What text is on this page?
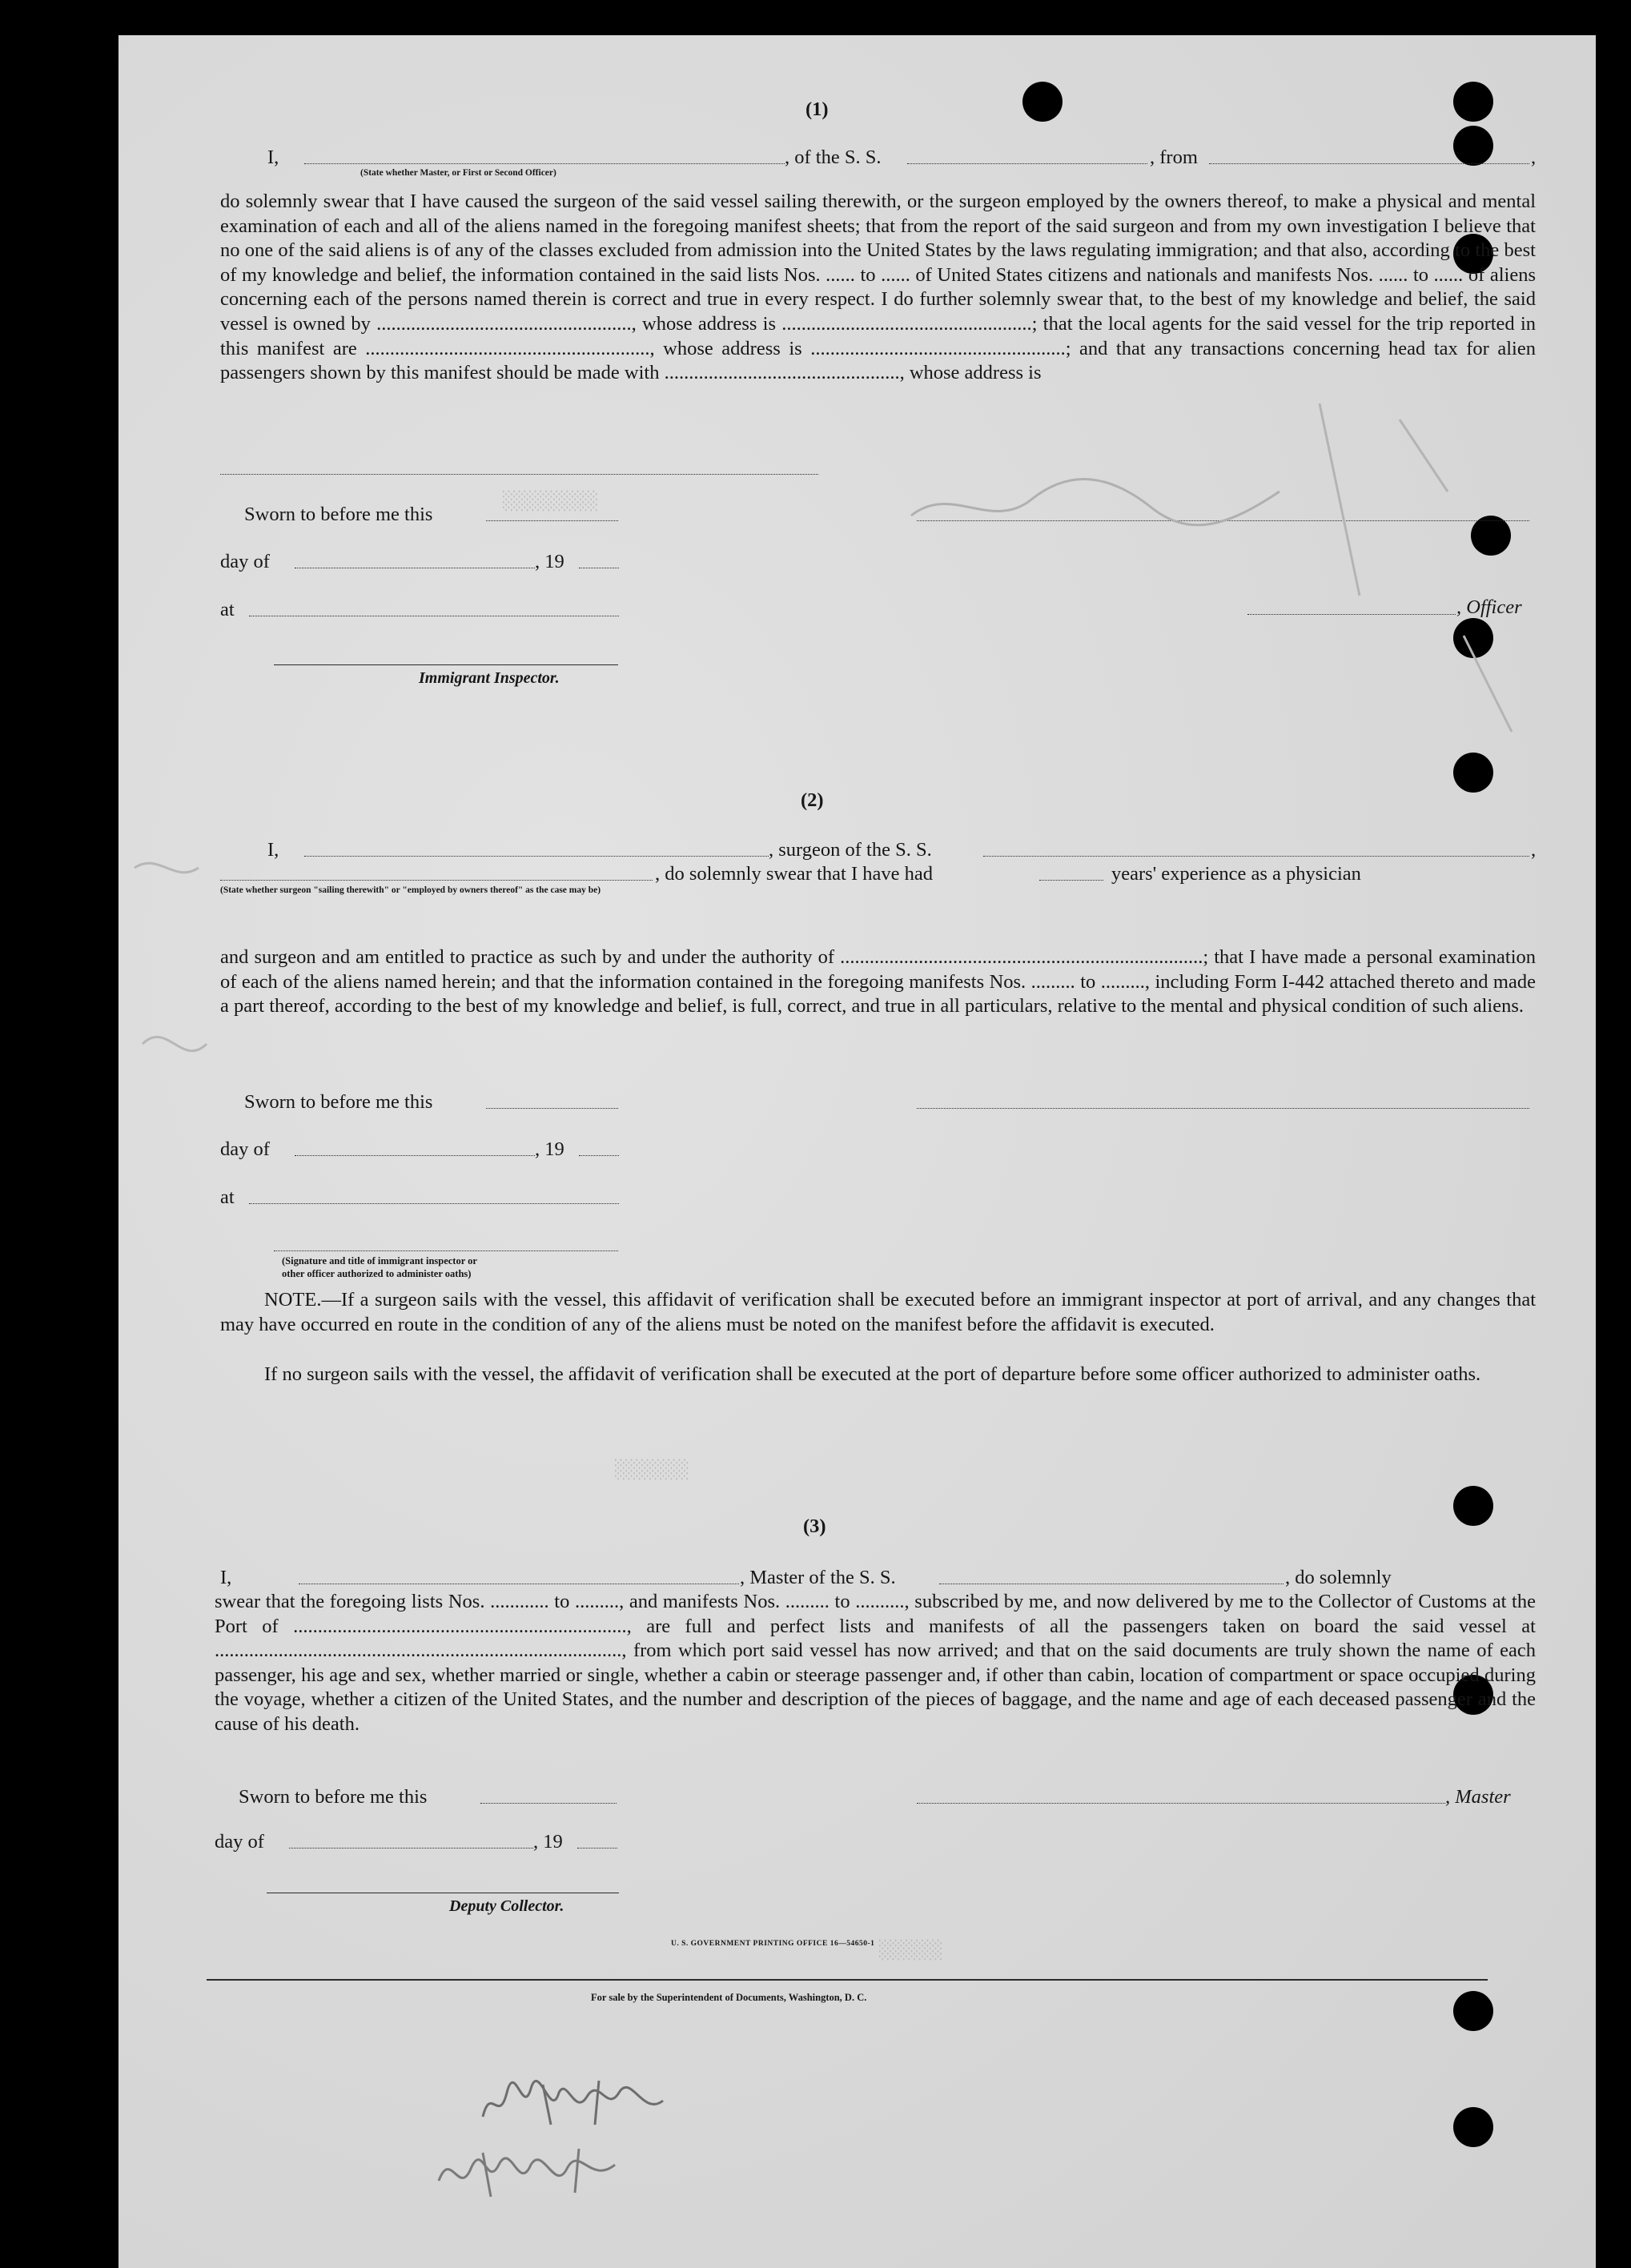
░░░░░░░░░
░░░░░░░
░░░░░░
(1)
I,	, of the S. S.	, from	,
(State whether Master, or First or Second Officer)
do solemnly swear that I have caused the surgeon of the said vessel sailing therewith, or the surgeon employed by the owners thereof, to make a physical and mental examination of each and all of the aliens named in the foregoing manifest sheets; that from the report of the said surgeon and from my own investigation I believe that no one of the said aliens is of any of the classes excluded from admission into the United States by the laws regulating immigration; and that also, according to the best of my knowledge and belief, the information contained in the said lists Nos. ...... to ...... of United States citizens and nationals and manifests Nos. ...... to ...... of aliens concerning each of the persons named therein is correct and true in every respect. I do further solemnly swear that, to the best of my knowledge and belief, the said vessel is owned by ...................................................., whose address is ...................................................; that the local agents for the said vessel for the trip reported in this manifest are .........................................................., whose address is ....................................................; and that any transactions concerning head tax for alien passengers shown by this manifest should be made with ................................................, whose address is
Sworn to before me this
day of	, 19
, Officer
at
Immigrant Inspector.
(2)
I,	, surgeon of the S. S.	,
, do solemnly swear that I have had	years' experience as a physician
(State whether surgeon "sailing therewith" or "employed by owners thereof" as the case may be)
and surgeon and am entitled to practice as such by and under the authority of ..........................................................................; that I have made a personal examination of each of the aliens named herein; and that the information contained in the foregoing manifests Nos. ......... to ........., including Form I-442 attached thereto and made a part thereof, according to the best of my knowledge and belief, is full, correct, and true in all particulars, relative to the mental and physical condition of such aliens.
Sworn to before me this
day of	, 19
at
(Signature and title of immigrant inspector or
other officer authorized to administer oaths)
NOTE.—If a surgeon sails with the vessel, this affidavit of verification shall be executed before an immigrant inspector at port of arrival, and any changes that may have occurred en route in the condition of any of the aliens must be noted on the manifest before the affidavit is executed.
If no surgeon sails with the vessel, the affidavit of verification shall be executed at the port of departure before some officer authorized to administer oaths.
(3)
I,	, Master of the S. S.	, do solemnly
swear that the foregoing lists Nos. ............ to ........., and manifests Nos. ......... to .........., subscribed by me, and now delivered by me to the Collector of Customs at the Port of ...................................................................., are full and perfect lists and manifests of all the passengers taken on board the said vessel at ..................................................................................., from which port said vessel has now arrived; and that on the said documents are truly shown the name of each passenger, his age and sex, whether married or single, whether a cabin or steerage passenger and, if other than cabin, location of compartment or space occupied during the voyage, whether a citizen of the United States, and the number and description of the pieces of baggage, and the name and age of each deceased passenger and the cause of his death.
Sworn to before me this	, Master
day of	, 19
Deputy Collector.
U. S. GOVERNMENT PRINTING OFFICE 16—54650-1
For sale by the Superintendent of Documents, Washington, D. C.
